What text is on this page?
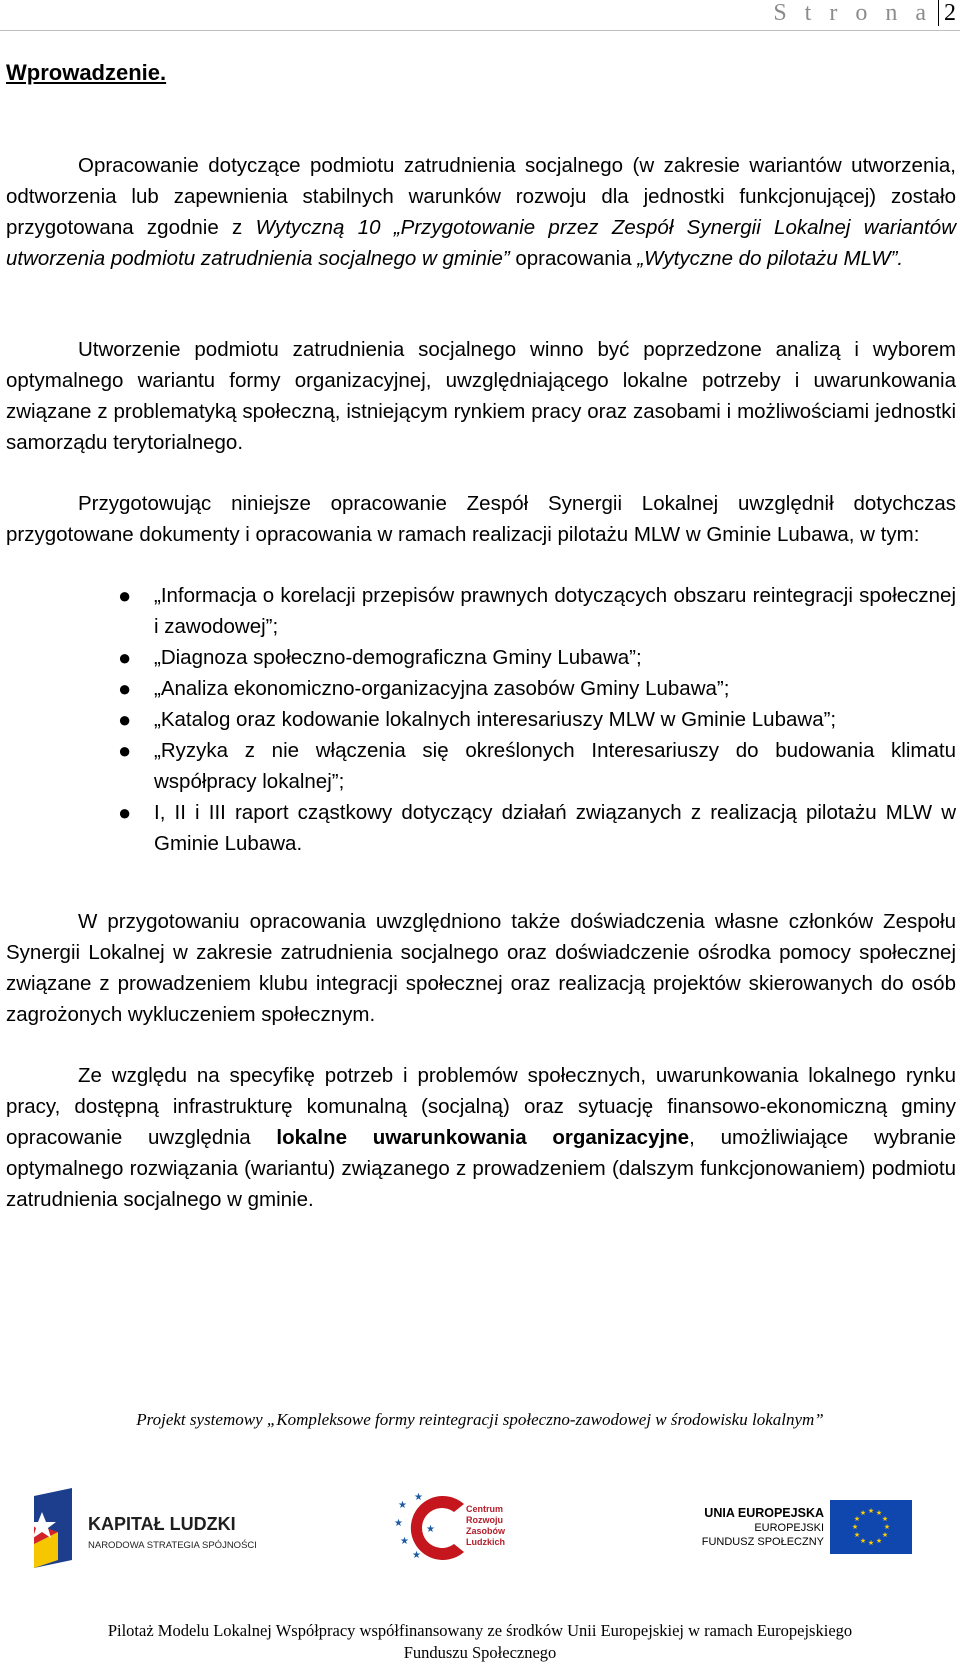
S t r o n a 2
Wprowadzenie.

Opracowanie dotyczące podmiotu zatrudnienia socjalnego (w zakresie wariantów utworzenia, odtworzenia lub zapewnienia stabilnych warunków rozwoju dla jednostki funkcjonującej) zostało przygotowana zgodnie z Wytyczną 10 „Przygotowanie przez Zespół Synergii Lokalnej wariantów utworzenia podmiotu zatrudnienia socjalnego w gminie” opracowania „Wytyczne do pilotażu MLW”.

Utworzenie podmiotu zatrudnienia socjalnego winno być poprzedzone analizą i wyborem optymalnego wariantu formy organizacyjnej, uwzględniającego lokalne potrzeby i uwarunkowania związane z problematyką społeczną, istniejącym rynkiem pracy oraz zasobami i możliwościami jednostki samorządu terytorialnego.

Przygotowując niniejsze opracowanie Zespół Synergii Lokalnej uwzględnił dotychczas przygotowane dokumenty i opracowania w ramach realizacji pilotażu MLW w Gminie Lubawa, w tym:

● „Informacja o korelacji przepisów prawnych dotyczących obszaru reintegracji społecznej i zawodowej”;
● „Diagnoza społeczno-demograficzna Gminy Lubawa”;
● „Analiza ekonomiczno-organizacyjna zasobów Gminy Lubawa”;
● „Katalog oraz kodowanie lokalnych interesariuszy MLW w Gminie Lubawa”;
● „Ryzyka z nie włączenia się określonych Interesariuszy do budowania klimatu współpracy lokalnej”;
● I, II i III raport cząstkowy dotyczący działań związanych z realizacją pilotażu MLW w Gminie Lubawa.

W przygotowaniu opracowania uwzględniono także doświadczenia własne członków Zespołu Synergii Lokalnej w zakresie zatrudnienia socjalnego oraz doświadczenie ośrodka pomocy społecznej związane z prowadzeniem klubu integracji społecznej oraz realizacją projektów skierowanych do osób zagrożonych wykluczeniem społecznym.

Ze względu na specyfikę potrzeb i problemów społecznych, uwarunkowania lokalnego rynku pracy, dostępną infrastrukturę komunalną (socjalną) oraz sytuację finansowo-ekonomiczną gminy opracowanie uwzględnia lokalne uwarunkowania organizacyjne, umożliwiające wybranie optymalnego rozwiązania (wariantu) związanego z prowadzeniem (dalszym funkcjonowaniem) podmiotu zatrudnienia socjalnego w gminie.

Projekt systemowy „Kompleksowe formy reintegracji społeczno-zawodowej w środowisku lokalnym”
KAPITAŁ LUDZKI
NARODOWA STRATEGIA SPÓJNOŚCI
★
★
★
★
★
★
Centrum
Rozwoju
Zasobów
Ludzkich
UNIA EUROPEJSKA
EUROPEJSKI
FUNDUSZ SPOŁECZNY
★ ★
★
★
★
★
★
★
★
★
★
★
Pilotaż Modelu Lokalnej Współpracy współfinansowany ze środków Unii Europejskiej w ramach Europejskiego
Funduszu Społecznego
